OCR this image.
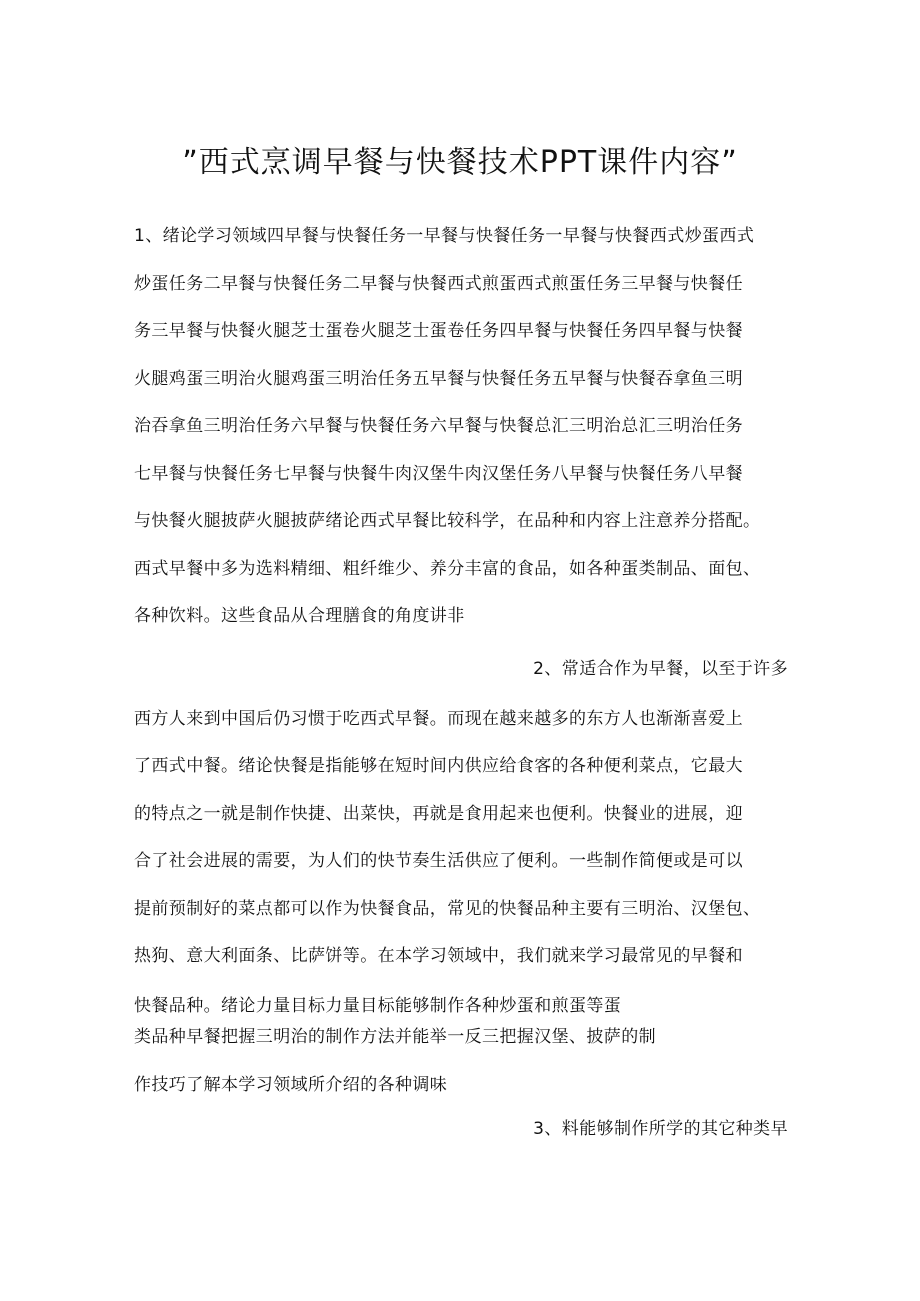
”西式烹调早餐与快餐技术PPT课件内容”
1、绪论学习领域四早餐与快餐任务一早餐与快餐任务一早餐与快餐西式炒蛋西式
炒蛋任务二早餐与快餐任务二早餐与快餐西式煎蛋西式煎蛋任务三早餐与快餐任
务三早餐与快餐火腿芝士蛋卷火腿芝士蛋卷任务四早餐与快餐任务四早餐与快餐
火腿鸡蛋三明治火腿鸡蛋三明治任务五早餐与快餐任务五早餐与快餐吞拿鱼三明
治吞拿鱼三明治任务六早餐与快餐任务六早餐与快餐总汇三明治总汇三明治任务
七早餐与快餐任务七早餐与快餐牛肉汉堡牛肉汉堡任务八早餐与快餐任务八早餐
与快餐火腿披萨火腿披萨绪论西式早餐比较科学，在品种和内容上注意养分搭配。
西式早餐中多为选料精细、粗纤维少、养分丰富的食品，如各种蛋类制品、面包、
各种饮料。这些食品从合理膳食的角度讲非
2、常适合作为早餐，以至于许多
西方人来到中国后仍习惯于吃西式早餐。而现在越来越多的东方人也渐渐喜爱上
了西式中餐。绪论快餐是指能够在短时间内供应给食客的各种便利菜点，它最大
的特点之一就是制作快捷、出菜快，再就是食用起来也便利。快餐业的进展，迎
合了社会进展的需要，为人们的快节奏生活供应了便利。一些制作简便或是可以
提前预制好的菜点都可以作为快餐食品，常见的快餐品种主要有三明治、汉堡包、
热狗、意大利面条、比萨饼等。在本学习领域中，我们就来学习最常见的早餐和
快餐品种。绪论力量目标力量目标能够制作各种炒蛋和煎蛋等蛋
类品种早餐把握三明治的制作方法并能举一反三把握汉堡、披萨的制
作技巧了解本学习领域所介绍的各种调味
3、料能够制作所学的其它种类早
